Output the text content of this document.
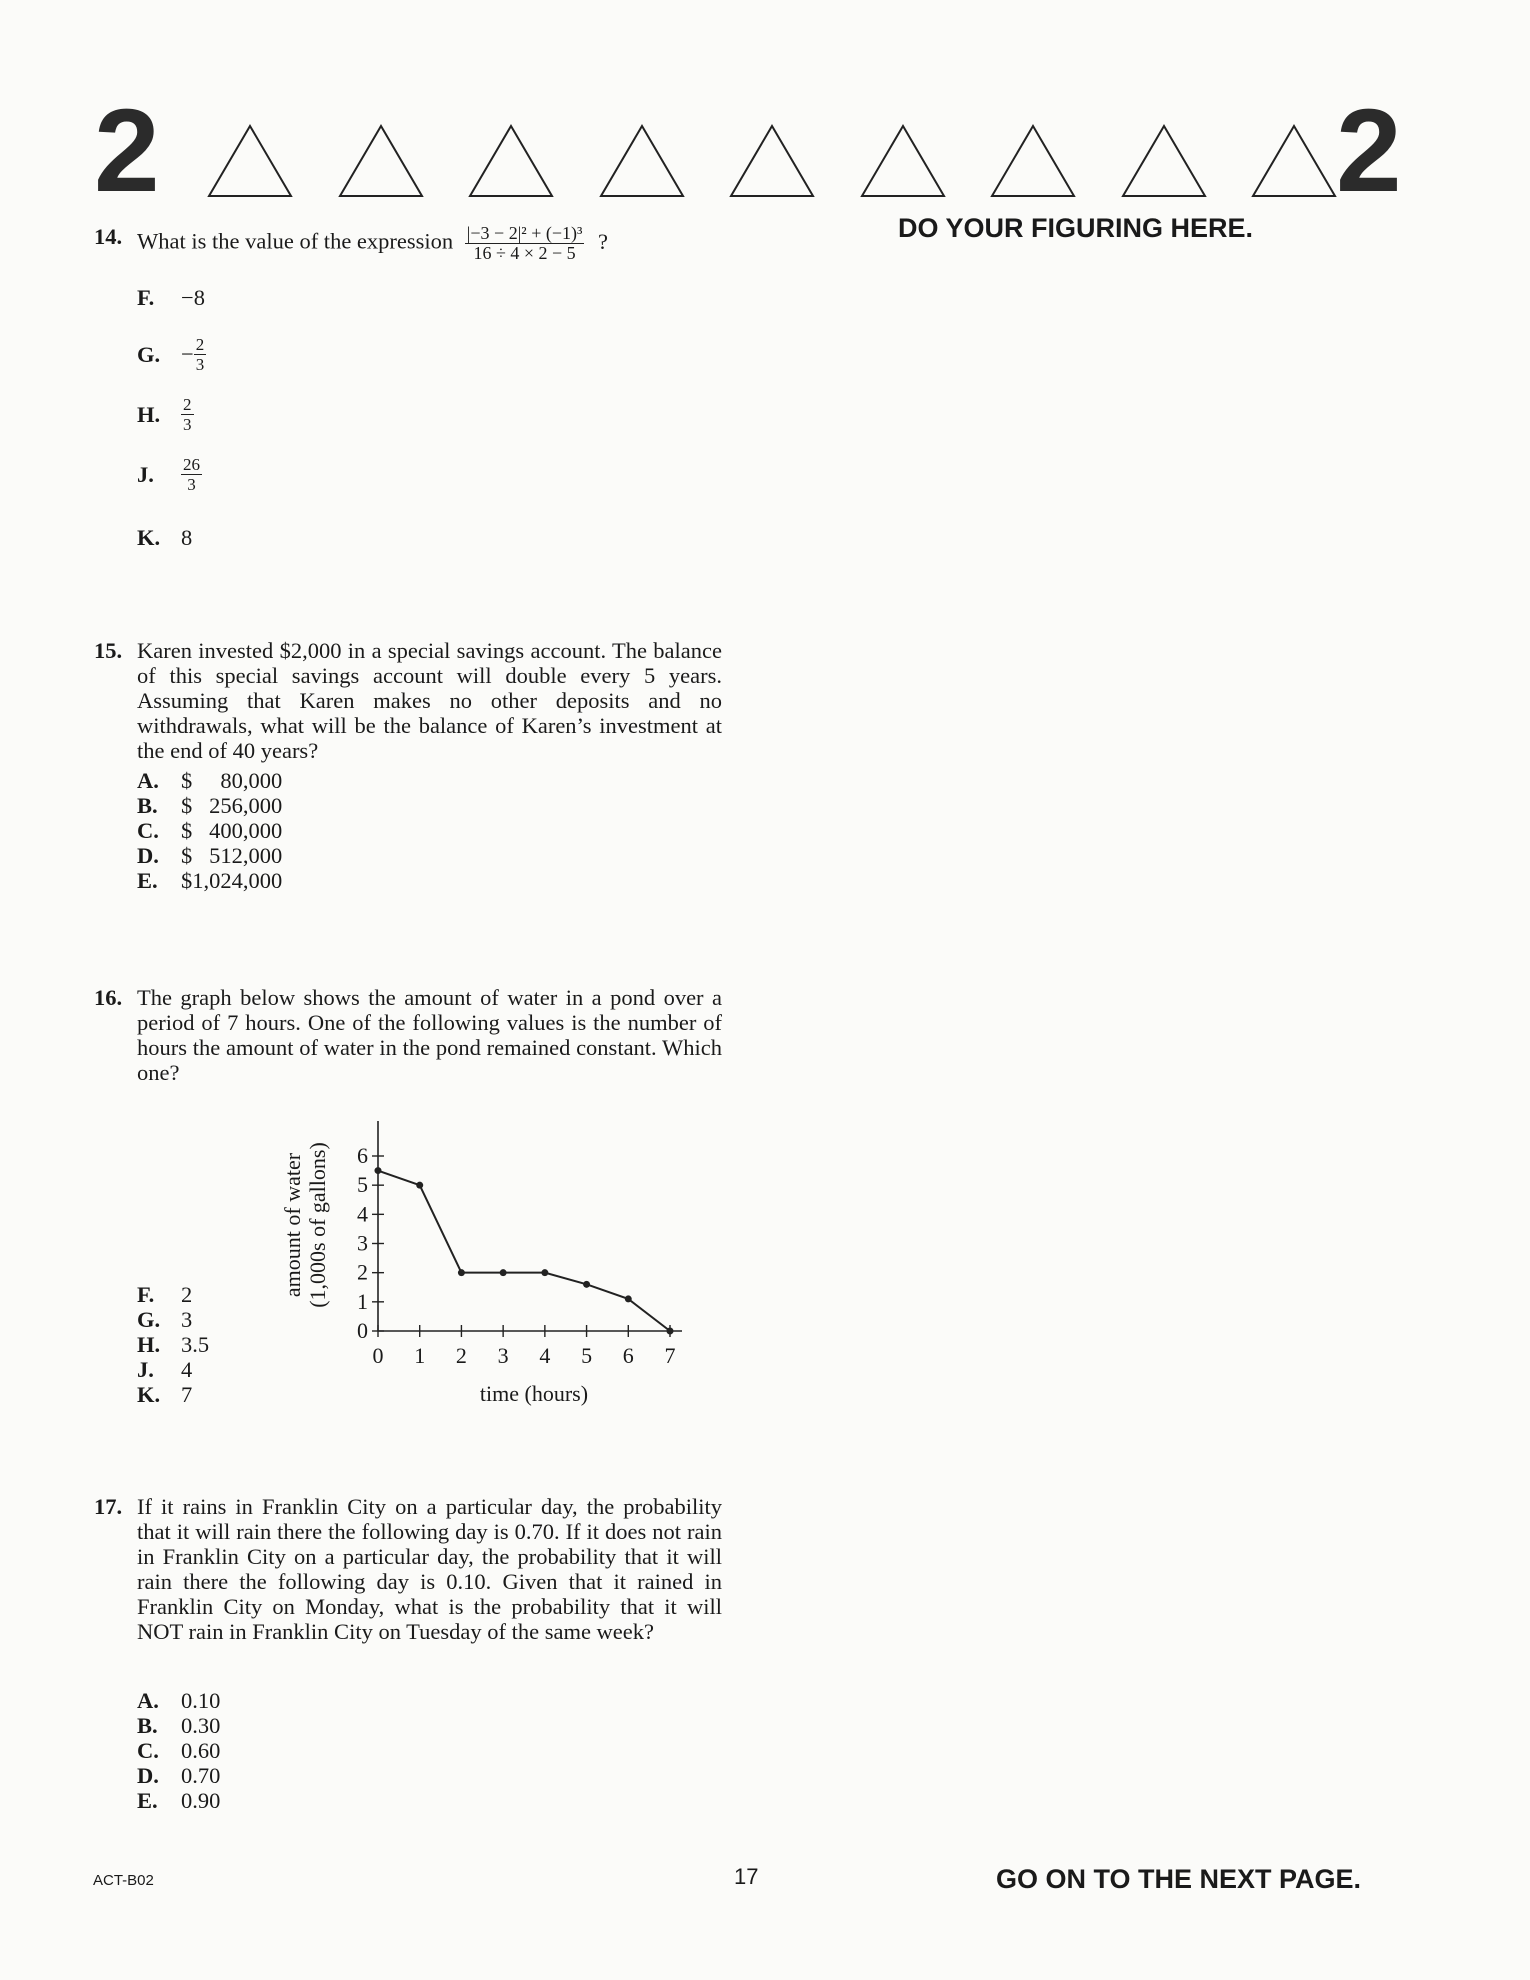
2	2
DO YOUR FIGURING HERE.
14. What is the value of the expression $\frac{\text{|−3 − 2|² + (−1)³}}{16 \div 4 \times 2 - 5}$ ?
F. −8
G. − $\frac{2}{3}$
H. $\frac{2}{3}$
J. $\frac{26}{3}$
K. 8
15. Karen invested $2,000 in a special savings account. The balance of this special savings account will double every 5 years. Assuming that Karen makes no other deposits and no withdrawals, what will be the balance of Karen’s investment at the end of 40 years?
A. $     80,000
B. $   256,000
C. $   400,000
D. $   512,000
E. $1,024,000
16. The graph below shows the amount of water in a pond over a period of 7 hours. One of the following values is the number of hours the amount of water in the pond remained constant. Which one?
F. 2
G. 3
H. 3.5
J. 4
K. 7
0 1 2 3 4 5 6 7
0
1
2
3
4
5
6
amount of water (1,000s of gallons)
time (hours)
17. If it rains in Franklin City on a particular day, the probability that it will rain there the following day is 0.70. If it does not rain in Franklin City on a particular day, the probability that it will rain there the following day is 0.10. Given that it rained in Franklin City on Monday, what is the probability that it will NOT rain in Franklin City on Tuesday of the same week?
A. 0.10
B. 0.30
C. 0.60
D. 0.70
E. 0.90
ACT-B02	17	GO ON TO THE NEXT PAGE.
